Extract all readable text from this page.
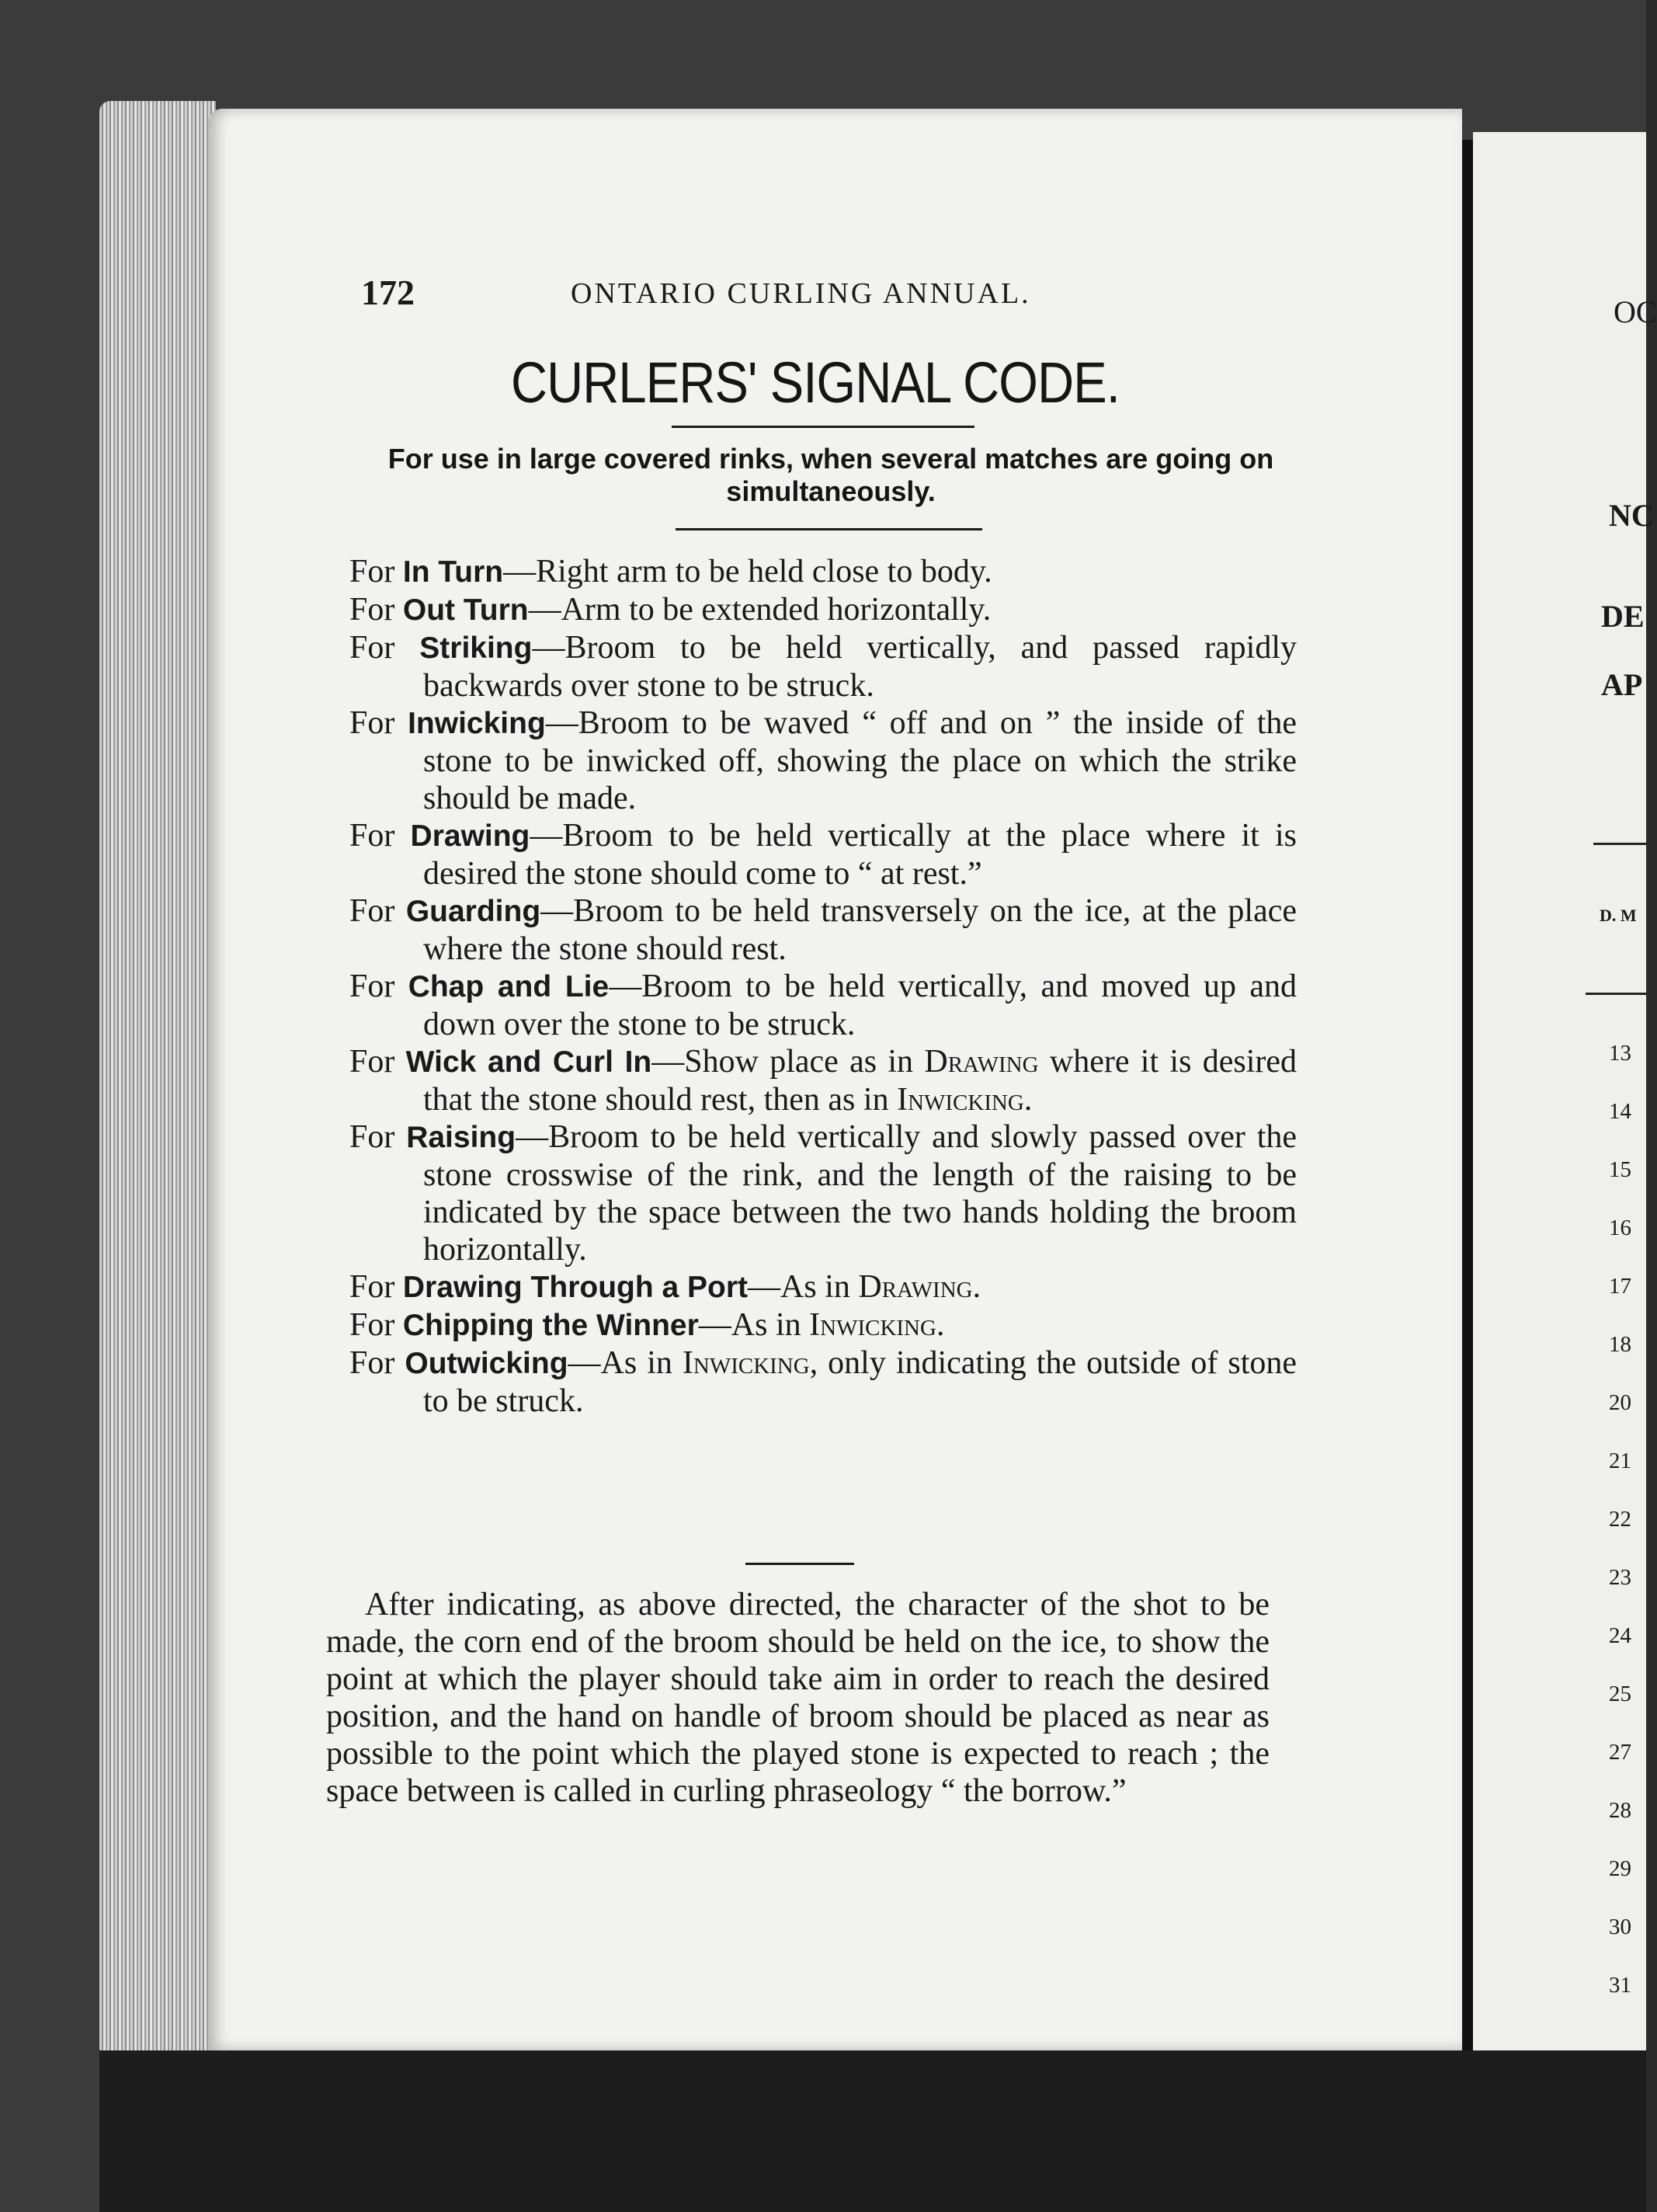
172	ONTARIO CURLING ANNUAL.
CURLERS' SIGNAL CODE.
For use in large covered rinks, when several matches are going on simultaneously.

For In Turn—Right arm to be held close to body.

For Out Turn—Arm to be extended horizontally.

For Striking—Broom to be held vertically, and passed rapidly backwards over stone to be struck.

For Inwicking—Broom to be waved “ off and on ” the inside of the stone to be inwicked off, showing the place on which the strike should be made.

For Drawing—Broom to be held vertically at the place where it is desired the stone should come to “ at rest.”

For Guarding—Broom to be held transversely on the ice, at the place where the stone should rest.

For Chap and Lie—Broom to be held vertically, and moved up and down over the stone to be struck.

For Wick and Curl In—Show place as in Drawing where it is desired that the stone should rest, then as in Inwicking.

For Raising—Broom to be held vertically and slowly passed over the stone crosswise of the rink, and the length of the raising to be indicated by the space between the two hands holding the broom horizontally.

For Drawing Through a Port—As in Drawing.

For Chipping the Winner—As in Inwicking.

For Outwicking—As in Inwicking, only indicating the outside of stone to be struck.

After indicating, as above directed, the character of the shot to be made, the corn end of the broom should be held on the ice, to show the point at which the player should take aim in order to reach the desired position, and the hand on handle of broom should be placed as near as possible to the point which the played stone is expected to reach ; the space between is called in curling phraseology “ the borrow.”

OC
NC
DE
AP
D. M
13
14
15
16
17
18
20
21
22
23
24
25
27
28
29
30
31
